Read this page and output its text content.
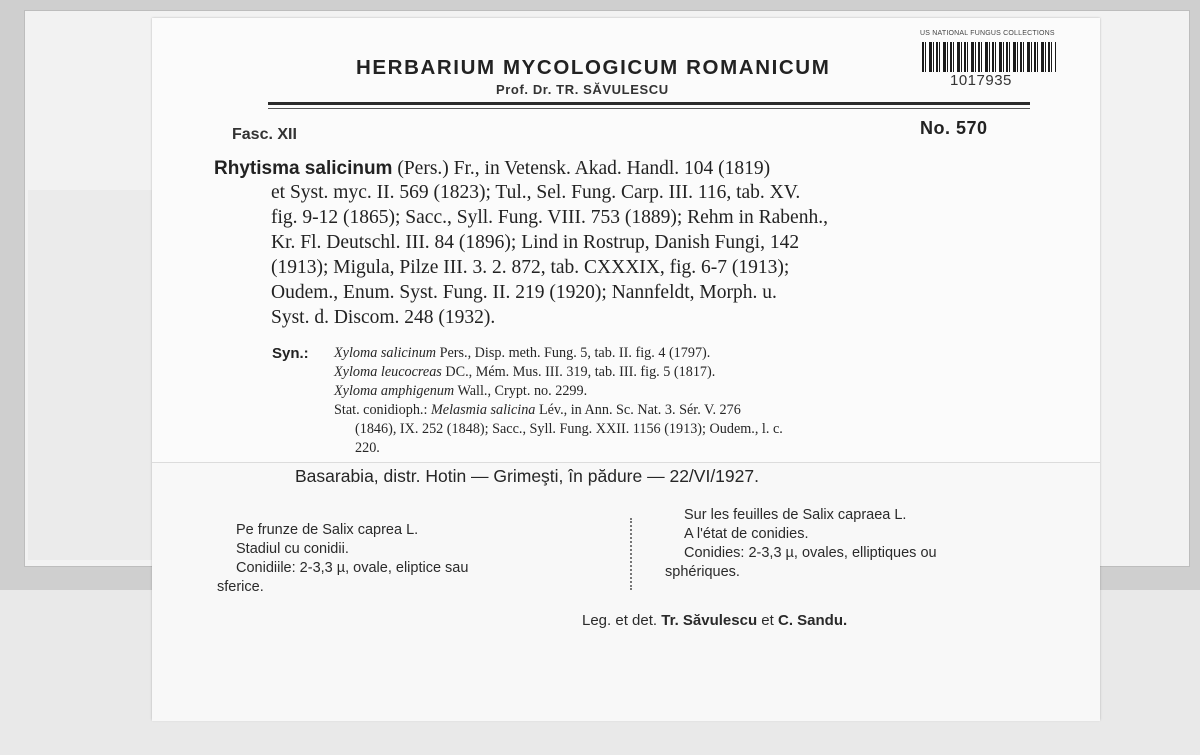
HERBARIUM MYCOLOGICUM ROMANICUM
Prof. Dr. TR. SĂVULESCU
US NATIONAL FUNGUS COLLECTIONS
1017935
Fasc. XII	No. 570
Rhytisma salicinum (Pers.) Fr., in Vetensk. Akad. Handl. 104 (1819)
et Syst. myc. II. 569 (1823); Tul., Sel. Fung. Carp. III. 116, tab. XV.
fig. 9-12 (1865); Sacc., Syll. Fung. VIII. 753 (1889); Rehm in Rabenh.,
Kr. Fl. Deutschl. III. 84 (1896); Lind in Rostrup, Danish Fungi, 142
(1913); Migula, Pilze III. 3. 2. 872, tab. CXXXIX, fig. 6-7 (1913);
Oudem., Enum. Syst. Fung. II. 219 (1920); Nannfeldt, Morph. u.
Syst. d. Discom. 248 (1932).
Syn.: Xyloma salicinum Pers., Disp. meth. Fung. 5, tab. II. fig. 4 (1797).
Xyloma leucocreas DC., Mém. Mus. III. 319, tab. III. fig. 5 (1817).
Xyloma amphigenum Wall., Crypt. no. 2299.
Stat. conidioph.: Melasmia salicina Lév., in Ann. Sc. Nat. 3. Sér. V. 276
(1846), IX. 252 (1848); Sacc., Syll. Fung. XXII. 1156 (1913); Oudem., l. c.
220.
Basarabia, distr. Hotin — Grimeşti, în pădure — 22/VI/1927.
Pe frunze de Salix caprea L.
Stadiul cu conidii.
Conidiile: 2-3,3 µ, ovale, eliptice sau
sferice.
Sur les feuilles de Salix capraea L.
A l'état de conidies.
Conidies: 2-3,3 µ, ovales, elliptiques ou
sphériques.
Leg. et det. Tr. Săvulescu et C. Sandu.
